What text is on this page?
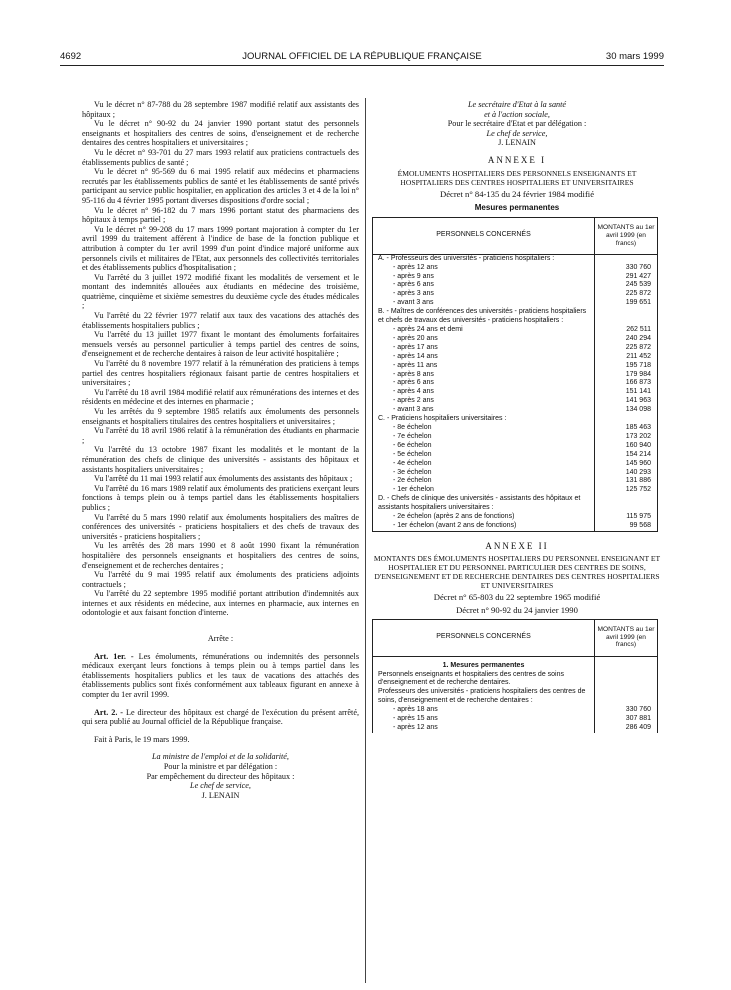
4692	JOURNAL OFFICIEL DE LA RÉPUBLIQUE FRANÇAISE	30 mars 1999

Vu le décret n° 87-788 du 28 septembre 1987 modifié relatif aux assistants des hôpitaux ;

Vu le décret n° 90-92 du 24 janvier 1990 portant statut des personnels enseignants et hospitaliers des centres de soins, d'enseignement et de recherche dentaires des centres hospitaliers et universitaires ;

Vu le décret n° 93-701 du 27 mars 1993 relatif aux praticiens contractuels des établissements publics de santé ;

Vu le décret n° 95-569 du 6 mai 1995 relatif aux médecins et pharmaciens recrutés par les établissements publics de santé et les établissements de santé privés participant au service public hospitalier, en application des articles 3 et 4 de la loi n° 95-116 du 4 février 1995 portant diverses dispositions d'ordre social ;

Vu le décret n° 96-182 du 7 mars 1996 portant statut des pharmaciens des hôpitaux à temps partiel ;

Vu le décret n° 99-208 du 17 mars 1999 portant majoration à compter du 1er avril 1999 du traitement afférent à l'indice de base de la fonction publique et attribution à compter du 1er avril 1999 d'un point d'indice majoré uniforme aux personnels civils et militaires de l'Etat, aux personnels des collectivités territoriales et des établissements publics d'hospitalisation ;

Vu l'arrêté du 3 juillet 1972 modifié fixant les modalités de versement et le montant des indemnités allouées aux étudiants en médecine des troisième, quatrième, cinquième et sixième semestres du deuxième cycle des études médicales ;

Vu l'arrêté du 22 février 1977 relatif aux taux des vacations des attachés des établissements hospitaliers publics ;

Vu l'arrêté du 13 juillet 1977 fixant le montant des émoluments forfaitaires mensuels versés au personnel particulier à temps partiel des centres de soins, d'enseignement et de recherche dentaires à raison de leur activité hospitalière ;

Vu l'arrêté du 8 novembre 1977 relatif à la rémunération des praticiens à temps partiel des centres hospitaliers régionaux faisant partie de centres hospitaliers et universitaires ;

Vu l'arrêté du 18 avril 1984 modifié relatif aux rémunérations des internes et des résidents en médecine et des internes en pharmacie ;

Vu les arrêtés du 9 septembre 1985 relatifs aux émoluments des personnels enseignants et hospitaliers titulaires des centres hospitaliers et universitaires ;

Vu l'arrêté du 18 avril 1986 relatif à la rémunération des étudiants en pharmacie ;

Vu l'arrêté du 13 octobre 1987 fixant les modalités et le montant de la rémunération des chefs de clinique des universités - assistants des hôpitaux et assistants hospitaliers universitaires ;

Vu l'arrêté du 11 mai 1993 relatif aux émoluments des assistants des hôpitaux ;

Vu l'arrêté du 16 mars 1989 relatif aux émoluments des praticiens exerçant leurs fonctions à temps plein ou à temps partiel dans les établissements hospitaliers publics ;

Vu l'arrêté du 5 mars 1990 relatif aux émoluments hospitaliers des maîtres de conférences des universités - praticiens hospitaliers et des chefs de travaux des universités - praticiens hospitaliers ;

Vu les arrêtés des 28 mars 1990 et 8 août 1990 fixant la rémunération hospitalière des personnels enseignants et hospitaliers des centres de soins, d'enseignement et de recherches dentaires ;

Vu l'arrêté du 9 mai 1995 relatif aux émoluments des praticiens adjoints contractuels ;

Vu l'arrêté du 22 septembre 1995 modifié portant attribution d'indemnités aux internes et aux résidents en médecine, aux internes en pharmacie, aux internes en odontologie et aux faisant fonction d'interne.

Arrête :

Art. 1er. - Les émoluments, rémunérations ou indemnités des personnels médicaux exerçant leurs fonctions à temps plein ou à temps partiel dans les établissements hospitaliers publics et les taux de vacations des attachés des établissements publics sont fixés conformément aux tableaux figurant en annexe à compter du 1er avril 1999.

Art. 2. - Le directeur des hôpitaux est chargé de l'exécution du présent arrêté, qui sera publié au Journal officiel de la République française.

Fait à Paris, le 19 mars 1999.

La ministre de l'emploi et de la solidarité,

Pour la ministre et par délégation :

Par empêchement du directeur des hôpitaux :

Le chef de service,

J. LENAIN

Le secrétaire d'Etat à la santé

et à l'action sociale,

Pour le secrétaire d'Etat et par délégation :

Le chef de service,

J. LENAIN

ANNEXE I

ÉMOLUMENTS HOSPITALIERS DES PERSONNELS ENSEIGNANTS ET HOSPITALIERS DES CENTRES HOSPITALIERS ET UNIVERSITAIRES

Décret n° 84-135 du 24 février 1984 modifié

Mesures permanentes

PERSONNELS CONCERNÉS	MONTANTS au 1er avril 1999 (en francs)
A. - Professeurs des universités - praticiens hospitaliers :	
- après 12 ans	330 760
- après 9 ans	291 427
- après 6 ans	245 539
- après 3 ans	225 872
- avant 3 ans	199 651
B. - Maîtres de conférences des universités - praticiens hospitaliers et chefs de travaux des universités - praticiens hospitaliers :	
- après 24 ans et demi	262 511
- après 20 ans	240 294
- après 17 ans	225 872
- après 14 ans	211 452
- après 11 ans	195 718
- après 8 ans	179 984
- après 6 ans	166 873
- après 4 ans	151 141
- après 2 ans	141 963
- avant 3 ans	134 098
C. - Praticiens hospitaliers universitaires :	
- 8e échelon	185 463
- 7e échelon	173 202
- 6e échelon	160 940
- 5e échelon	154 214
- 4e échelon	145 960
- 3e échelon	140 293
- 2e échelon	131 886
- 1er échelon	125 752
D. - Chefs de clinique des universités - assistants des hôpitaux et assistants hospitaliers universitaires :	
- 2e échelon (après 2 ans de fonctions)	115 975
- 1er échelon (avant 2 ans de fonctions)	99 568
ANNEXE II

MONTANTS DES ÉMOLUMENTS HOSPITALIERS DU PERSONNEL ENSEIGNANT ET HOSPITALIER ET DU PERSONNEL PARTICULIER DES CENTRES DE SOINS, D'ENSEIGNEMENT ET DE RECHERCHE DENTAIRES DES CENTRES HOSPITALIERS ET UNIVERSITAIRES

Décret n° 65-803 du 22 septembre 1965 modifié

Décret n° 90-92 du 24 janvier 1990

PERSONNELS CONCERNÉS	MONTANTS au 1er avril 1999 (en francs)
1. Mesures permanentes	
Personnels enseignants et hospitaliers des centres de soins d'enseignement et de recherche dentaires.	
Professeurs des universités - praticiens hospitaliers des centres de soins, d'enseignement et de recherche dentaires :	
- après 18 ans	330 760
- après 15 ans	307 881
- après 12 ans	286 409
